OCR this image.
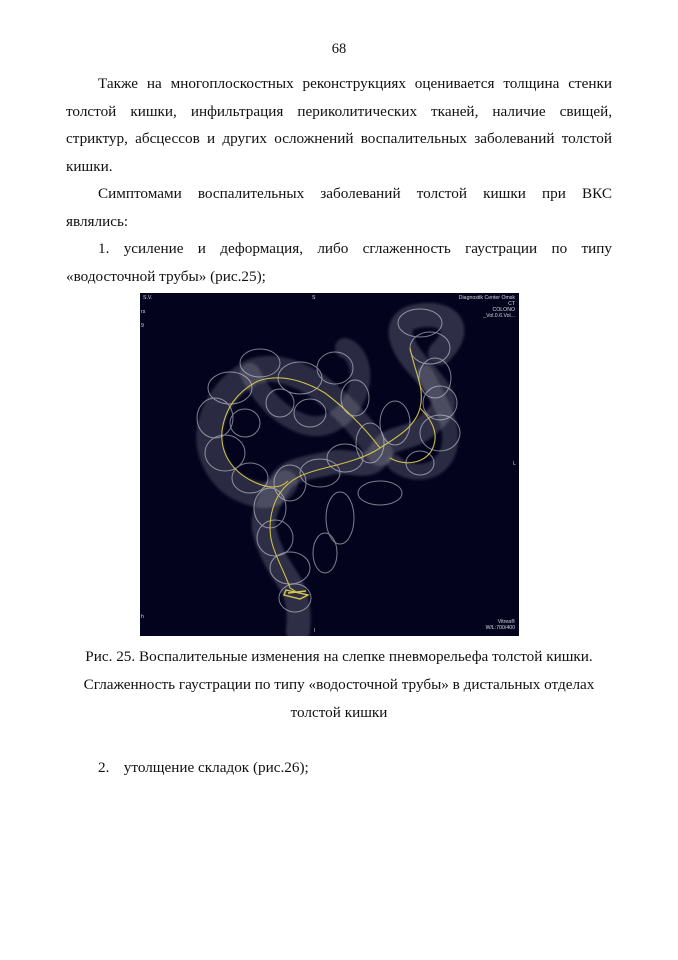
68
Также на многоплоскостных реконструкциях оценивается толщина стенки
толстой кишки, инфильтрация периколитических тканей, наличие свищей,
стриктур, абсцессов и других осложнений воспалительных заболеваний толстой
кишки.
Симптомами воспалительных заболеваний толстой кишки при ВКС
являлись:
1. усиление и деформация, либо сглаженность гаустрации по типу
«водосточной трубы» (рис.25);
S.V.
rs
9
S	Diagnostik Center Omsk
CT
COLONO
_Vol.0.6.Vol...
L
Vitrea®
W/L:700/400
I
h
Рис. 25. Воспалительные изменения на слепке пневморельефа толстой кишки.
Сглаженность гаустрации по типу «водосточной трубы» в дистальных отделах
толстой кишки
2. утолщение складок (рис.26);
